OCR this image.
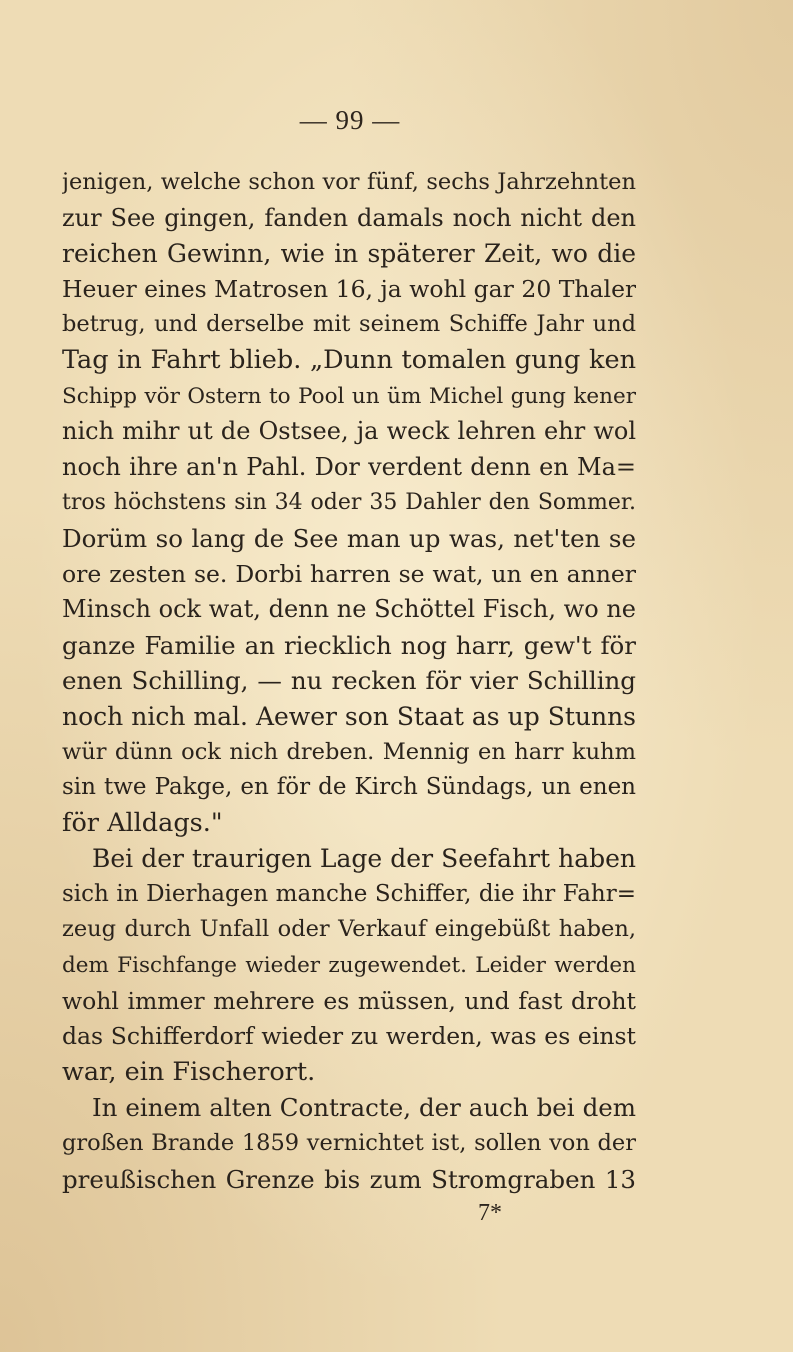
— 99 —
jenigen, welche schon vor fünf, sechs Jahrzehnten
zur See gingen, fanden damals noch nicht den
reichen Gewinn, wie in späterer Zeit, wo die
Heuer eines Matrosen 16, ja wohl gar 20 Thaler
betrug, und derselbe mit seinem Schiffe Jahr und
Tag in Fahrt blieb. „Dunn tomalen gung ken
Schipp vör Ostern to Pool un üm Michel gung kener
nich mihr ut de Ostsee, ja weck lehren ehr wol
noch ihre an'n Pahl. Dor verdent denn en Ma=
tros höchstens sin 34 oder 35 Dahler den Sommer.
Dorüm so lang de See man up was, net'ten se
ore zesten se. Dorbi harren se wat, un en anner
Minsch ock wat, denn ne Schöttel Fisch, wo ne
ganze Familie an riecklich nog harr, gew't för
enen Schilling, — nu recken för vier Schilling
noch nich mal. Aewer son Staat as up Stunns
wür dünn ock nich dreben. Mennig en harr kuhm
sin twe Pakge, en för de Kirch Sündags, un enen
för Alldags."
Bei der traurigen Lage der Seefahrt haben
sich in Dierhagen manche Schiffer, die ihr Fahr=
zeug durch Unfall oder Verkauf eingebüßt haben,
dem Fischfange wieder zugewendet. Leider werden
wohl immer mehrere es müssen, und fast droht
das Schifferdorf wieder zu werden, was es einst
war, ein Fischerort.
In einem alten Contracte, der auch bei dem
großen Brande 1859 vernichtet ist, sollen von der
preußischen Grenze bis zum Stromgraben 13
7*
